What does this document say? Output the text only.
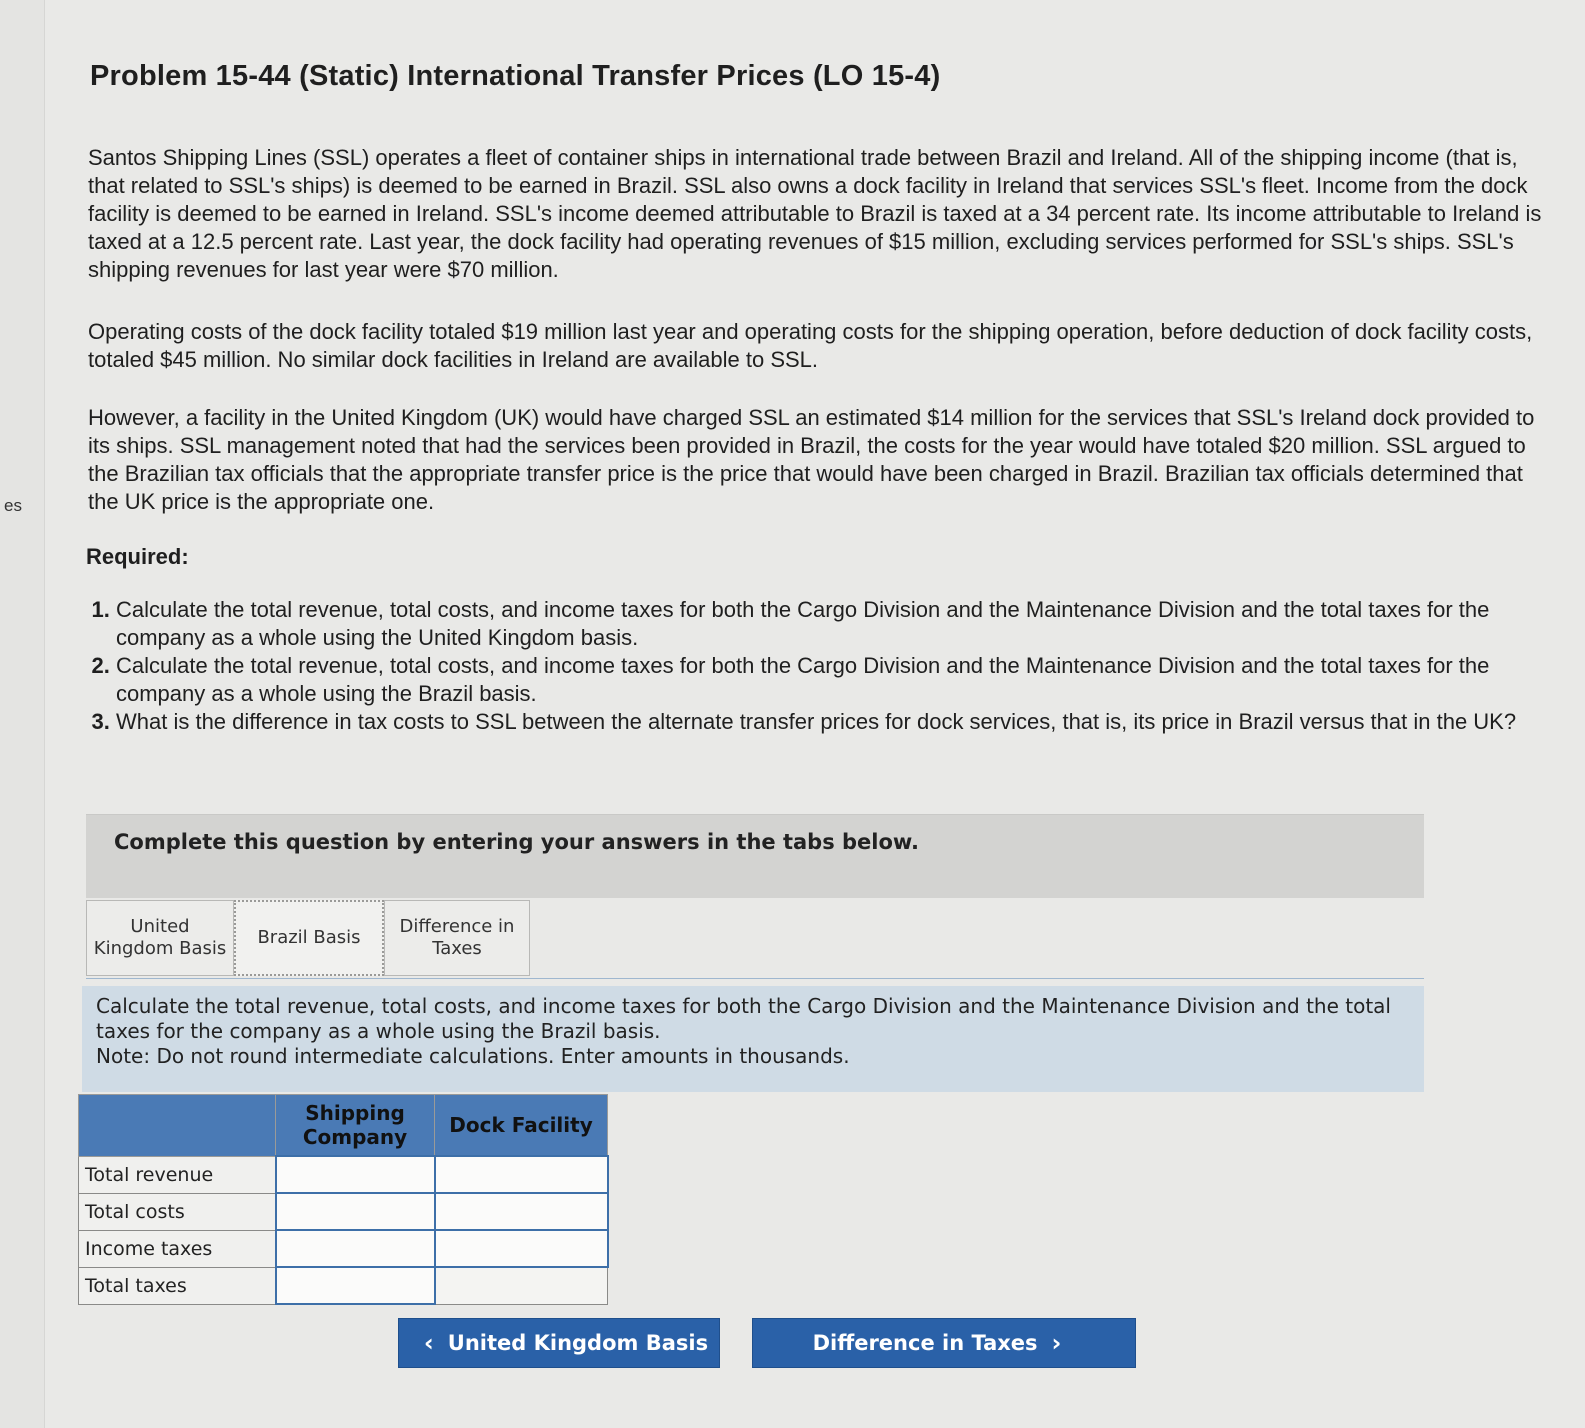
es
Problem 15-44 (Static) International Transfer Prices (LO 15-4)

Santos Shipping Lines (SSL) operates a fleet of container ships in international trade between Brazil and Ireland. All of the shipping income (that is, that related to SSL's ships) is deemed to be earned in Brazil. SSL also owns a dock facility in Ireland that services SSL's fleet. Income from the dock facility is deemed to be earned in Ireland. SSL's income deemed attributable to Brazil is taxed at a 34 percent rate. Its income attributable to Ireland is taxed at a 12.5 percent rate. Last year, the dock facility had operating revenues of $15 million, excluding services performed for SSL's ships. SSL's shipping revenues for last year were $70 million.

Operating costs of the dock facility totaled $19 million last year and operating costs for the shipping operation, before deduction of dock facility costs, totaled $45 million. No similar dock facilities in Ireland are available to SSL.

However, a facility in the United Kingdom (UK) would have charged SSL an estimated $14 million for the services that SSL's Ireland dock provided to its ships. SSL management noted that had the services been provided in Brazil, the costs for the year would have totaled $20 million. SSL argued to the Brazilian tax officials that the appropriate transfer price is the price that would have been charged in Brazil. Brazilian tax officials determined that the UK price is the appropriate one.

Required:

1. Calculate the total revenue, total costs, and income taxes for both the Cargo Division and the Maintenance Division and the total taxes for the company as a whole using the United Kingdom basis.
2. Calculate the total revenue, total costs, and income taxes for both the Cargo Division and the Maintenance Division and the total taxes for the company as a whole using the Brazil basis.
3. What is the difference in tax costs to SSL between the alternate transfer prices for dock services, that is, its price in Brazil versus that in the UK?
Complete this question by entering your answers in the tabs below.
United Kingdom Basis
Brazil Basis
Difference in Taxes
Calculate the total revenue, total costs, and income taxes for both the Cargo Division and the Maintenance Division and the total taxes for the company as a whole using the Brazil basis.
Note: Do not round intermediate calculations. Enter amounts in thousands.
	Shipping Company	Dock Facility
Total revenue		
Total costs		
Income taxes		
Total taxes		
‹ United Kingdom Basis	Difference in Taxes ›
